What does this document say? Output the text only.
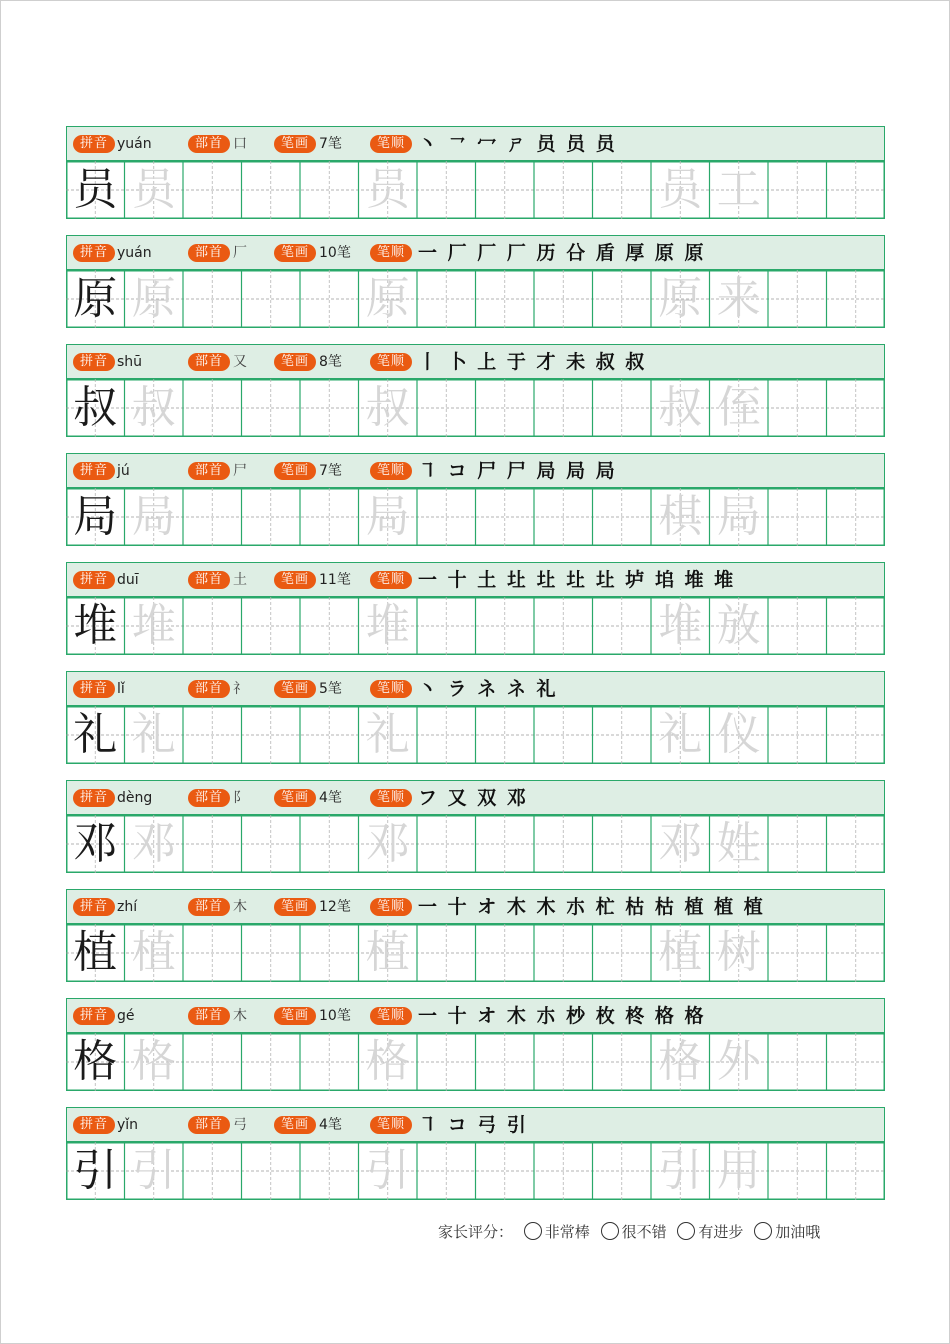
拼音 yuán	部首 口	笔画 7笔	笔顺 丶 ㇖ 冖 ㄕ 员 员 员
员 员	员	员 工
拼音 yuán	部首 厂	笔画 10笔	笔顺 一 厂 厂 厂 历 㕣 盾 厚 原 原
原 原	原	原 来
拼音 shū	部首 又	笔画 8笔	笔顺 丨 卜 上 于 才 未 叔 叔
叔 叔	叔	叔 侄
拼音 jú	部首 尸	笔画 7笔	笔顺 ㇕ コ 尸 尸 局 局 局
局 局	局	棋 局
拼音 duī	部首 土	笔画 11笔	笔顺 一 十 土 圵 圵 圵 圵 垆 垖 堆 堆
堆 堆	堆	堆 放
拼音 lǐ	部首 礻	笔画 5笔	笔顺 丶 ラ ネ ネ 礼
礼 礼	礼	礼 仪
拼音 dèng	部首 阝	笔画 4笔	笔顺 フ 又 双 邓
邓 邓	邓	邓 姓
拼音 zhí	部首 木	笔画 12笔	笔顺 一 十 オ 木 木 朩 杧 枯 枯 植 植 植
植 植	植	植 树
拼音 gé	部首 木	笔画 10笔	笔顺 一 十 オ 木 朩 杪 枚 柊 格 格
格 格	格	格 外
拼音 yǐn	部首 弓	笔画 4笔	笔顺 ㇕ コ 弓 引
引 引	引	引 用
家长评分： 非常棒 很不错 有进步 加油哦
